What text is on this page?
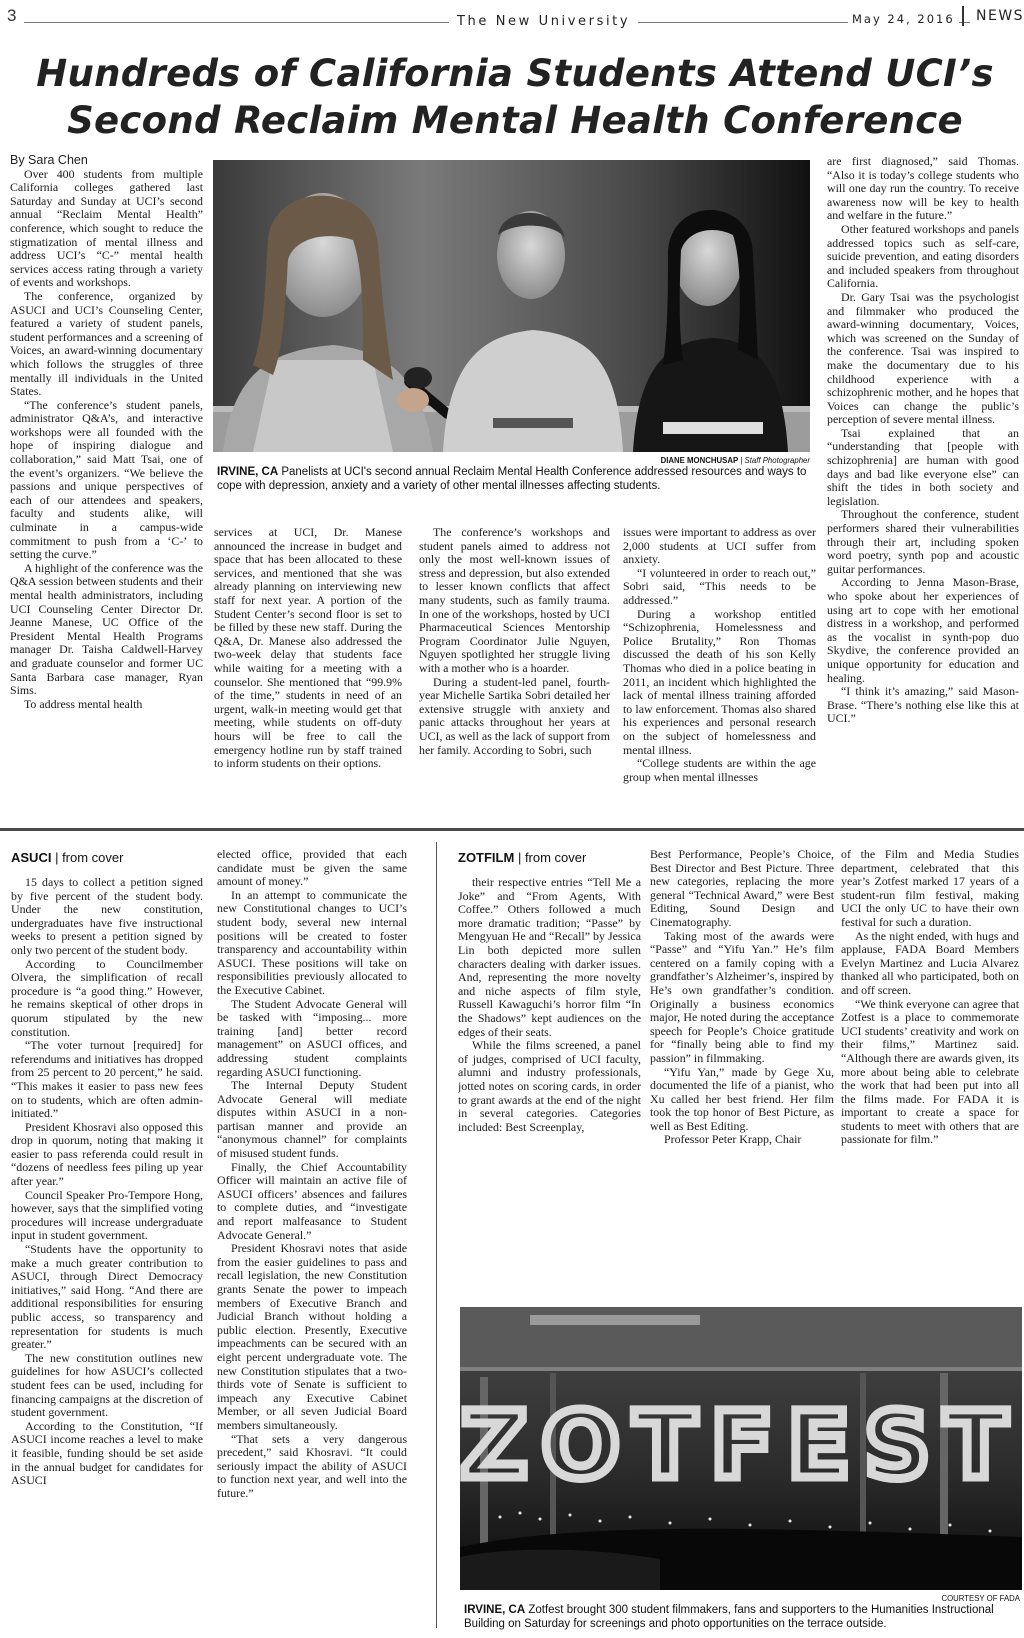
3	The New University	May 24, 2016	NEWS
Hundreds of California Students Attend UCI’s
Second Reclaim Mental Health Conference

By Sara Chen

Over 400 students from multiple California colleges gathered last Saturday and Sunday at UCI’s second annual “Reclaim Mental Health” conference, which sought to reduce the stigmatization of mental illness and address UCI’s “C-” mental health services access rating through a variety of events and workshops.

The conference, organized by ASUCI and UCI’s Counseling Center, featured a variety of student panels, student performances and a screening of Voices, an award-winning documentary which follows the struggles of three mentally ill individuals in the United States.

“The conference’s student panels, administrator Q&A’s, and interactive workshops were all founded with the hope of inspiring dialogue and collaboration,” said Matt Tsai, one of the event’s organizers. “We believe the passions and unique perspectives of each of our attendees and speakers, faculty and students alike, will culminate in a campus-wide commitment to push from a ‘C-’ to setting the curve.”

A highlight of the conference was the Q&A session between students and their mental health administrators, including UCI Counseling Center Director Dr. Jeanne Manese, UC Office of the President Mental Health Programs manager Dr. Taisha Caldwell-Harvey and graduate counselor and former UC Santa Barbara case manager, Ryan Sims.

To address mental health

DIANE MONCHUSAP | Staff Photographer
IRVINE, CA Panelists at UCI's second annual Reclaim Mental Health Conference addressed resources and ways to cope with depression, anxiety and a variety of other mental illnesses affecting students.

services at UCI, Dr. Manese announced the increase in budget and space that has been allocated to these services, and mentioned that she was already planning on interviewing new staff for next year. A portion of the Student Center’s second floor is set to be filled by these new staff. During the Q&A, Dr. Manese also addressed the two-week delay that students face while waiting for a meeting with a counselor. She mentioned that “99.9% of the time,” students in need of an urgent, walk-in meeting would get that meeting, while students on off-duty hours will be free to call the emergency hotline run by staff trained to inform students on their options.

The conference’s workshops and student panels aimed to address not only the most well-known issues of stress and depression, but also extended to lesser known conflicts that affect many students, such as family trauma. In one of the workshops, hosted by UCI Pharmaceutical Sciences Mentorship Program Coordinator Julie Nguyen, Nguyen spotlighted her struggle living with a mother who is a hoarder.

During a student-led panel, fourth-year Michelle Sartika Sobri detailed her extensive struggle with anxiety and panic attacks throughout her years at UCI, as well as the lack of support from her family. According to Sobri, such

issues were important to address as over 2,000 students at UCI suffer from anxiety.

“I volunteered in order to reach out,” Sobri said, “This needs to be addressed.”

During a workshop entitled “Schizophrenia, Homelessness and Police Brutality,” Ron Thomas discussed the death of his son Kelly Thomas who died in a police beating in 2011, an incident which highlighted the lack of mental illness training afforded to law enforcement. Thomas also shared his experiences and personal research on the subject of homelessness and mental illness.

“College students are within the age group when mental illnesses

are first diagnosed,” said Thomas. “Also it is today’s college students who will one day run the country. To receive awareness now will be key to health and welfare in the future.”

Other featured workshops and panels addressed topics such as self-care, suicide prevention, and eating disorders and included speakers from throughout California.

Dr. Gary Tsai was the psychologist and filmmaker who produced the award-winning documentary, Voices, which was screened on the Sunday of the conference. Tsai was inspired to make the documentary due to his childhood experience with a schizophrenic mother, and he hopes that Voices can change the public’s perception of severe mental illness.

Tsai explained that an “understanding that [people with schizophrenia] are human with good days and bad like everyone else” can shift the tides in both society and legislation.

Throughout the conference, student performers shared their vulnerabilities through their art, including spoken word poetry, synth pop and acoustic guitar performances.

According to Jenna Mason-Brase, who spoke about her experiences of using art to cope with her emotional distress in a workshop, and performed as the vocalist in synth-pop duo Skydive, the conference provided an unique opportunity for education and healing.

“I think it’s amazing,” said Mason-Brase. “There’s nothing else like this at UCI.”

ASUCI | from cover

15 days to collect a petition signed by five percent of the student body. Under the new constitution, undergraduates have five instructional weeks to present a petition signed by only two percent of the student body.

According to Councilmember Olvera, the simplification of recall procedure is “a good thing.” However, he remains skeptical of other drops in quorum stipulated by the new constitution.

“The voter turnout [required] for referendums and initiatives has dropped from 25 percent to 20 percent,” he said. “This makes it easier to pass new fees on to students, which are often admin-initiated.”

President Khosravi also opposed this drop in quorum, noting that making it easier to pass referenda could result in “dozens of needless fees piling up year after year.”

Council Speaker Pro-Tempore Hong, however, says that the simplified voting procedures will increase undergraduate input in student government.

“Students have the opportunity to make a much greater contribution to ASUCI, through Direct Democracy initiatives,” said Hong. “And there are additional responsibilities for ensuring public access, so transparency and representation for students is much greater.”

The new constitution outlines new guidelines for how ASUCI’s collected student fees can be used, including for financing campaigns at the discretion of student government.

According to the Constitution, “If ASUCI income reaches a level to make it feasible, funding should be set aside in the annual budget for candidates for ASUCI

elected office, provided that each candidate must be given the same amount of money.”

In an attempt to communicate the new Constitutional changes to UCI’s student body, several new internal positions will be created to foster transparency and accountability within ASUCI. These positions will take on responsibilities previously allocated to the Executive Cabinet.

The Student Advocate General will be tasked with “imposing... more training [and] better record management” on ASUCI offices, and addressing student complaints regarding ASUCI functioning.

The Internal Deputy Student Advocate General will mediate disputes within ASUCI in a non-partisan manner and provide an “anonymous channel” for complaints of misused student funds.

Finally, the Chief Accountability Officer will maintain an active file of ASUCI officers’ absences and failures to complete duties, and “investigate and report malfeasance to Student Advocate General.”

President Khosravi notes that aside from the easier guidelines to pass and recall legislation, the new Constitution grants Senate the power to impeach members of Executive Branch and Judicial Branch without holding a public election. Presently, Executive impeachments can be secured with an eight percent undergraduate vote. The new Constitution stipulates that a two-thirds vote of Senate is sufficient to impeach any Executive Cabinet Member, or all seven Judicial Board members simultaneously.

“That sets a very dangerous precedent,” said Khosravi. “It could seriously impact the ability of ASUCI to function next year, and well into the future.”

ZOTFILM | from cover

their respective entries “Tell Me a Joke” and “From Agents, With Coffee.” Others followed a much more dramatic tradition; “Passe” by Mengyuan He and “Recall” by Jessica Lin both depicted more sullen characters dealing with darker issues. And, representing the more novelty and niche aspects of film style, Russell Kawaguchi’s horror film “In the Shadows” kept audiences on the edges of their seats.

While the films screened, a panel of judges, comprised of UCI faculty, alumni and industry professionals, jotted notes on scoring cards, in order to grant awards at the end of the night in several categories. Categories included: Best Screenplay,

Best Performance, People’s Choice, Best Director and Best Picture. Three new categories, replacing the more general “Technical Award,” were Best Editing, Sound Design and Cinematography.

Taking most of the awards were “Passe” and “Yifu Yan.” He’s film centered on a family coping with a grandfather’s Alzheimer’s, inspired by He’s own grandfather’s condition. Originally a business economics major, He noted during the acceptance speech for People’s Choice gratitude for “finally being able to find my passion” in filmmaking.

“Yifu Yan,” made by Gege Xu, documented the life of a pianist, who Xu called her best friend. Her film took the top honor of Best Picture, as well as Best Editing.

Professor Peter Krapp, Chair

of the Film and Media Studies department, celebrated that this year’s Zotfest marked 17 years of a student-run film festival, making UCI the only UC to have their own festival for such a duration.

As the night ended, with hugs and applause, FADA Board Members Evelyn Martinez and Lucia Alvarez thanked all who participated, both on and off screen.

“We think everyone can agree that Zotfest is a place to commemorate UCI students’ creativity and work on their films,” Martinez said. “Although there are awards given, its more about being able to celebrate the work that had been put into all the films made. For FADA it is important to create a space for students to meet with others that are passionate for film.”

ZOTFEST
COURTESY OF FADA
IRVINE, CA Zotfest brought 300 student filmmakers, fans and supporters to the Humanities Instructional Building on Saturday for screenings and photo opportunities on the terrace outside.
